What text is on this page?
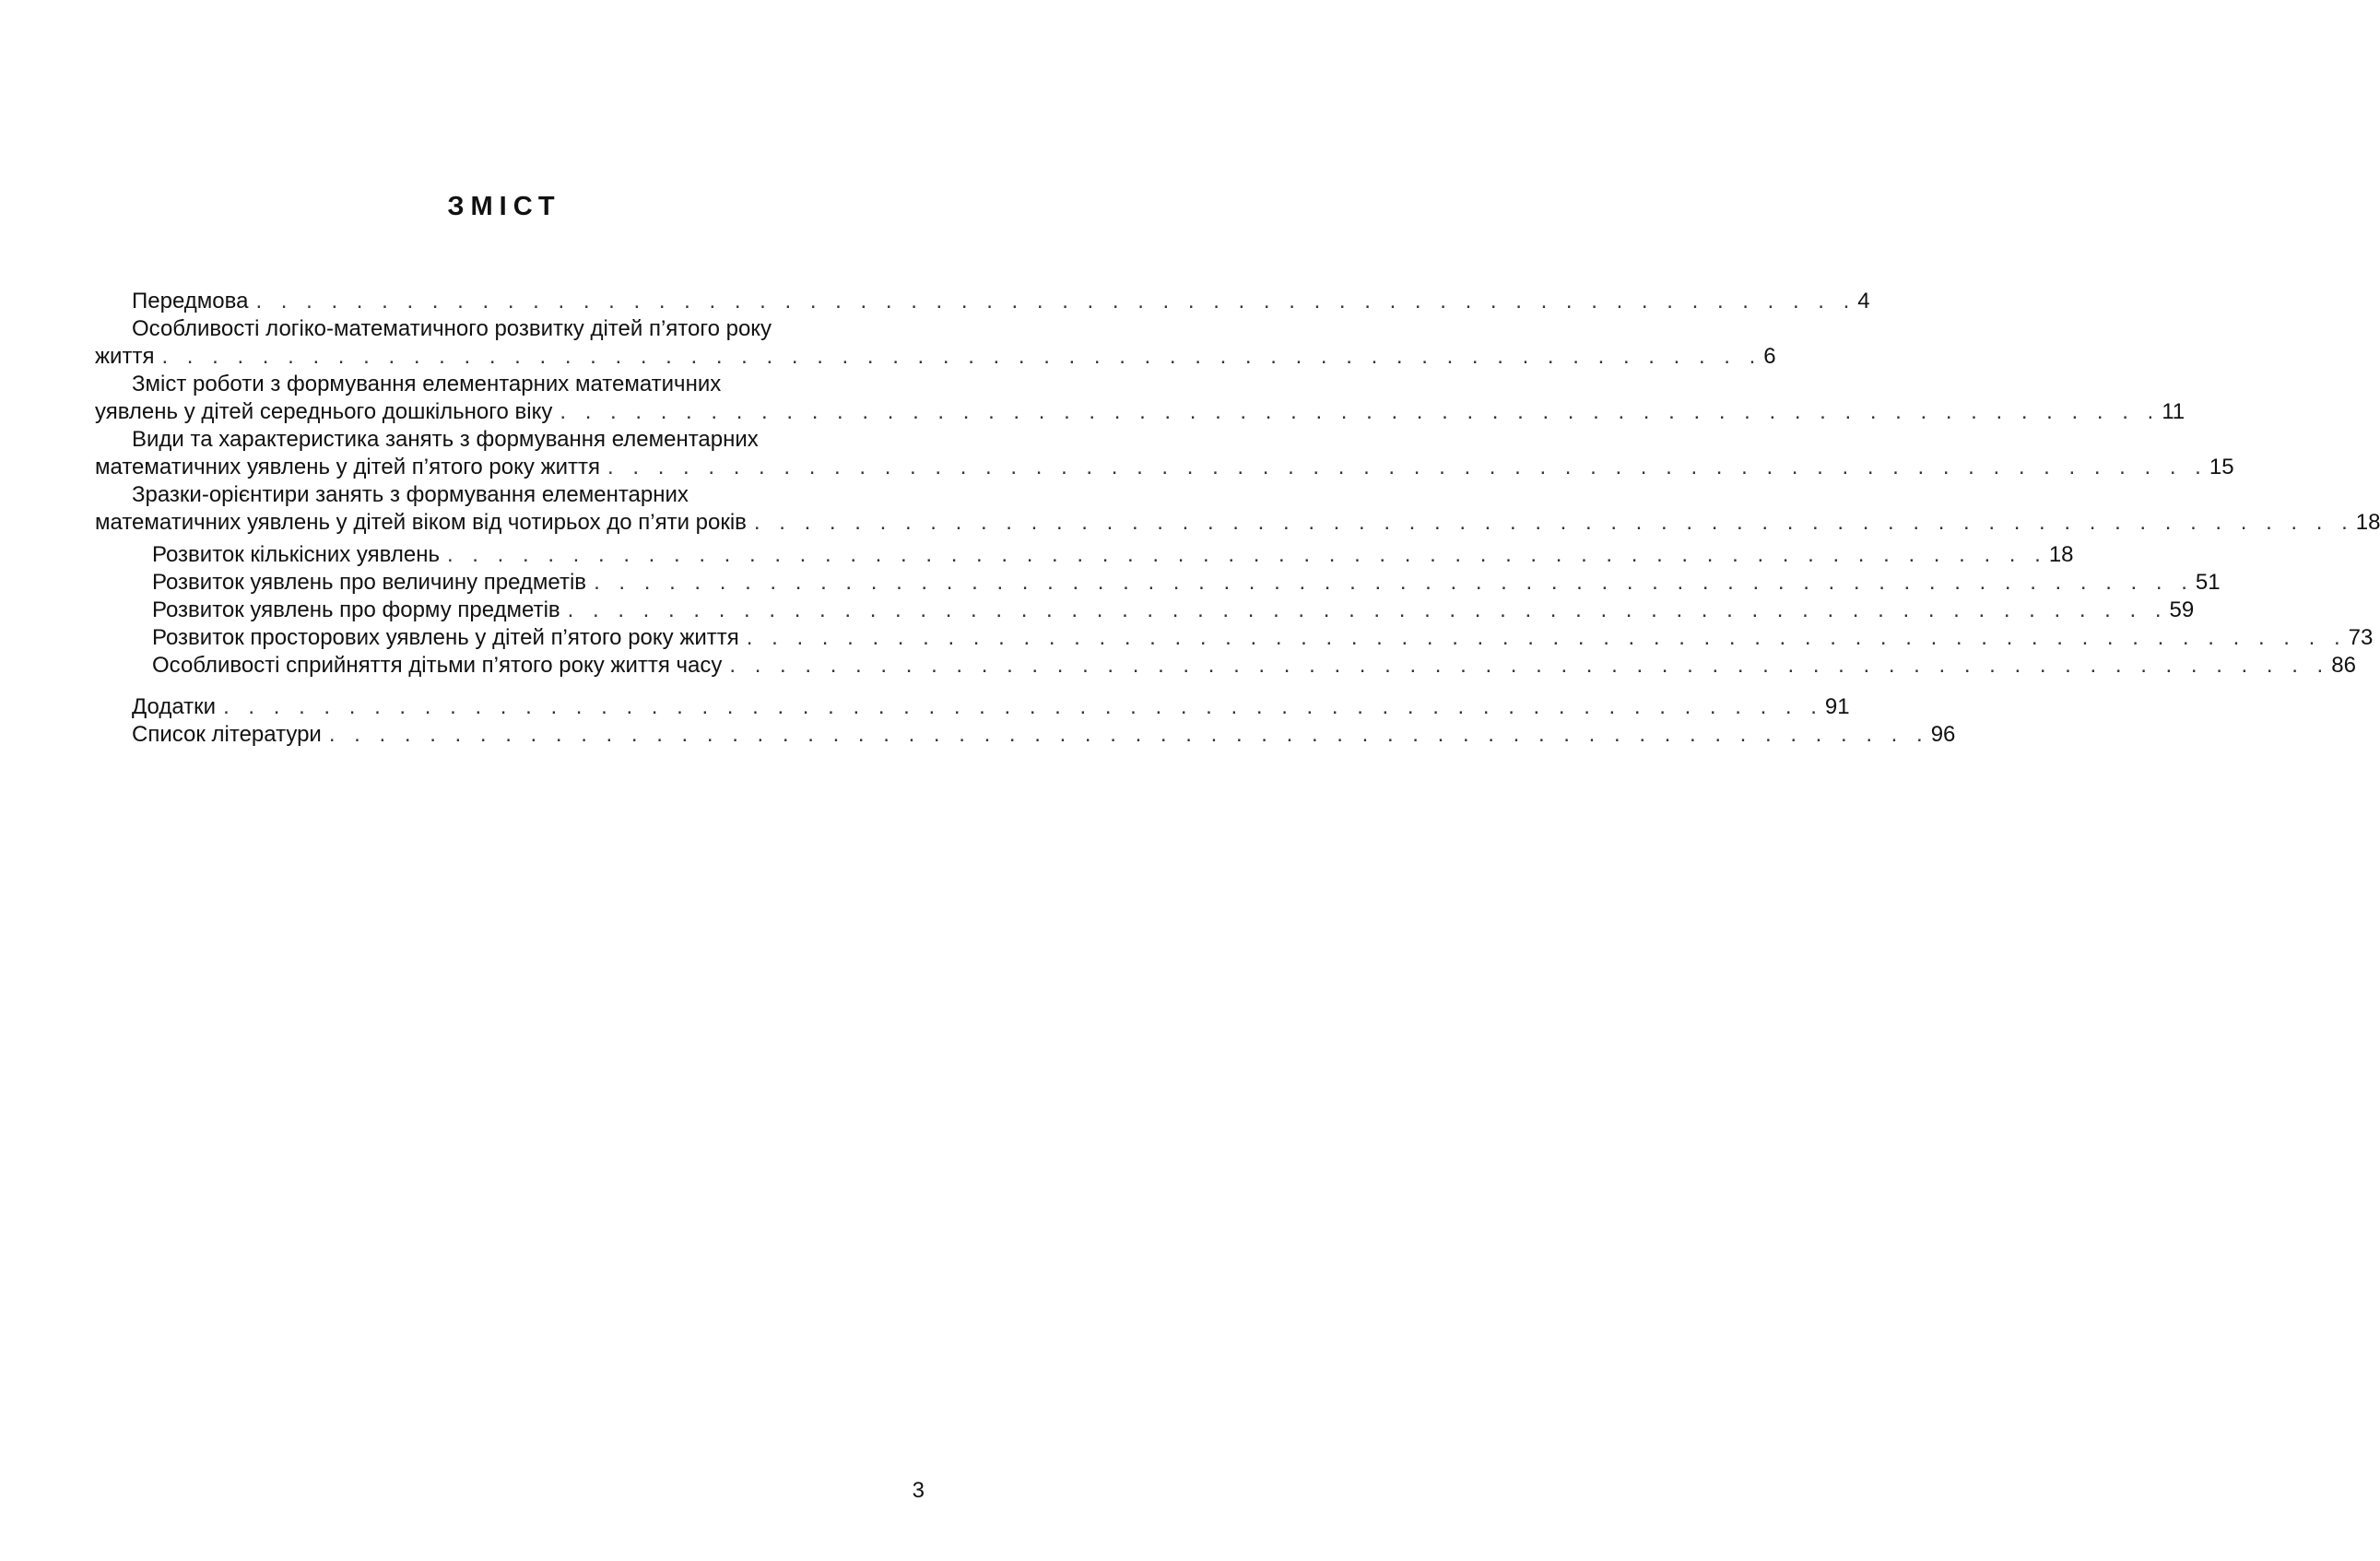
ЗМІСТ
Передмова . . . . . . . . . . . . . . . . . . . . . . . . . . . . . . . . . . . . . . . . . . . . . . . . . . . . . . . . . . . . . . . . 4
Особливості логіко-математичного розвитку дітей п’ятого року
життя . . . . . . . . . . . . . . . . . . . . . . . . . . . . . . . . . . . . . . . . . . . . . . . . . . . . . . . . . . . . . . . . 6
Зміст роботи з формування елементарних математичних
уявлень у дітей середнього дошкільного віку . . . . . . . . . . . . . . . . . . . . . . . . . . . . . . . . . . . . . . . . . . . . . . . . . . . . . . . . . . . . . . . . 11
Види та характеристика занять з формування елементарних
математичних уявлень у дітей п’ятого року життя . . . . . . . . . . . . . . . . . . . . . . . . . . . . . . . . . . . . . . . . . . . . . . . . . . . . . . . . . . . . . . . . 15
Зразки-орієнтири занять з формування елементарних
математичних уявлень у дітей віком від чотирьох до п’яти років . . . . . . . . . . . . . . . . . . . . . . . . . . . . . . . . . . . . . . . . . . . . . . . . . . . . . . . . . . . . . . . . 18
Розвиток кількісних уявлень . . . . . . . . . . . . . . . . . . . . . . . . . . . . . . . . . . . . . . . . . . . . . . . . . . . . . . . . . . . . . . . . 18
Розвиток уявлень про величину предметів . . . . . . . . . . . . . . . . . . . . . . . . . . . . . . . . . . . . . . . . . . . . . . . . . . . . . . . . . . . . . . . . 51
Розвиток уявлень про форму предметів . . . . . . . . . . . . . . . . . . . . . . . . . . . . . . . . . . . . . . . . . . . . . . . . . . . . . . . . . . . . . . . . 59
Розвиток просторових уявлень у дітей п’ятого року життя . . . . . . . . . . . . . . . . . . . . . . . . . . . . . . . . . . . . . . . . . . . . . . . . . . . . . . . . . . . . . . . . 73
Особливості сприйняття дітьми п’ятого року життя часу . . . . . . . . . . . . . . . . . . . . . . . . . . . . . . . . . . . . . . . . . . . . . . . . . . . . . . . . . . . . . . . . 86
Додатки . . . . . . . . . . . . . . . . . . . . . . . . . . . . . . . . . . . . . . . . . . . . . . . . . . . . . . . . . . . . . . . . 91
Список літератури . . . . . . . . . . . . . . . . . . . . . . . . . . . . . . . . . . . . . . . . . . . . . . . . . . . . . . . . . . . . . . . . 96
3
